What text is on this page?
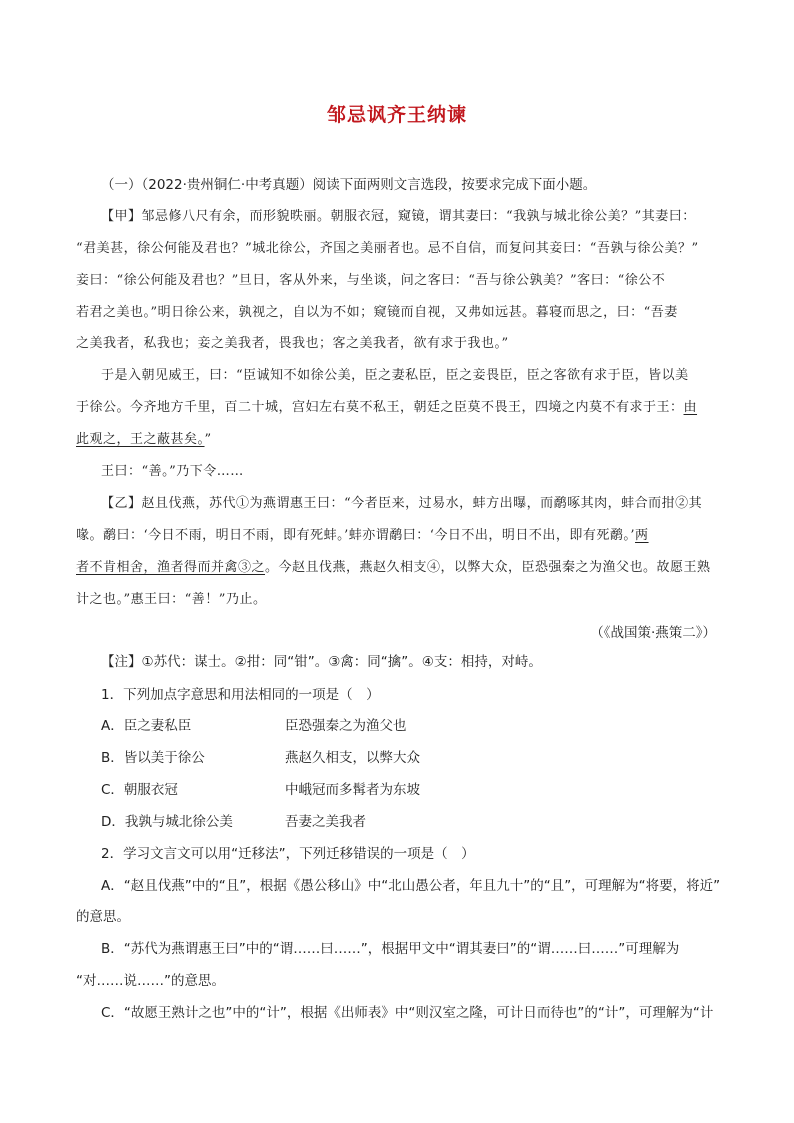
邹忌讽齐王纳谏
（一）（2022·贵州铜仁·中考真题）阅读下面两则文言选段，按要求完成下面小题。
【甲】邹忌修八尺有余，而形貌昳丽。朝服衣冠，窥镜，谓其妻曰：“我孰与城北徐公美？”其妻曰：
“君美甚，徐公何能及君也？”城北徐公，齐国之美丽者也。忌不自信，而复问其妾曰：“吾孰与徐公美？”
妾曰：“徐公何能及君也？”旦日，客从外来，与坐谈，问之客曰：“吾与徐公孰美？”客曰：“徐公不
若君之美也。”明日徐公来，孰视之，自以为不如；窥镜而自视，又弗如远甚。暮寝而思之，曰：“吾妻
之美我者，私我也；妾之美我者，畏我也；客之美我者，欲有求于我也。”
于是入朝见威王，曰：“臣诚知不如徐公美，臣之妻私臣，臣之妾畏臣，臣之客欲有求于臣，皆以美
于徐公。今齐地方千里，百二十城，宫妇左右莫不私王，朝廷之臣莫不畏王，四境之内莫不有求于王：由
此观之，王之蔽甚矣。”
王曰：“善。”乃下令……
【乙】赵且伐燕，苏代①为燕谓惠王曰：“今者臣来，过易水，蚌方出曝，而鹬啄其肉，蚌合而拑②其
喙。鹬曰：‘今日不雨，明日不雨，即有死蚌。’蚌亦谓鹬曰：‘今日不出，明日不出，即有死鹬。’两
者不肯相舍，渔者得而并禽③之。今赵且伐燕，燕赵久相支④，以弊大众，臣恐强秦之为渔父也。故愿王熟
计之也。”惠王曰：“善！”乃止。
（《战国策·燕策二》）
【注】①苏代：谋士。②拑：同“钳”。③禽：同“擒”。④支：相持，对峙。
1．下列加点字意思和用法相同的一项是（　）
A．臣之妻私臣	臣恐强秦之为渔父也
B．皆以美于徐公	燕赵久相支，以弊大众
C．朝服衣冠	中峨冠而多髯者为东坡
D．我孰与城北徐公美	吾妻之美我者
2．学习文言文可以用“迁移法”，下列迁移错误的一项是（　）
A．“赵且伐燕”中的“且”，根据《愚公移山》中“北山愚公者，年且九十”的“且”，可理解为“将要，将近”
的意思。
B．“苏代为燕谓惠王曰”中的“谓……曰……”，根据甲文中“谓其妻曰”的“谓……曰……”可理解为
“对……说……”的意思。
C．“故愿王熟计之也”中的“计”，根据《出师表》中“则汉室之隆，可计日而待也”的“计”，可理解为“计
